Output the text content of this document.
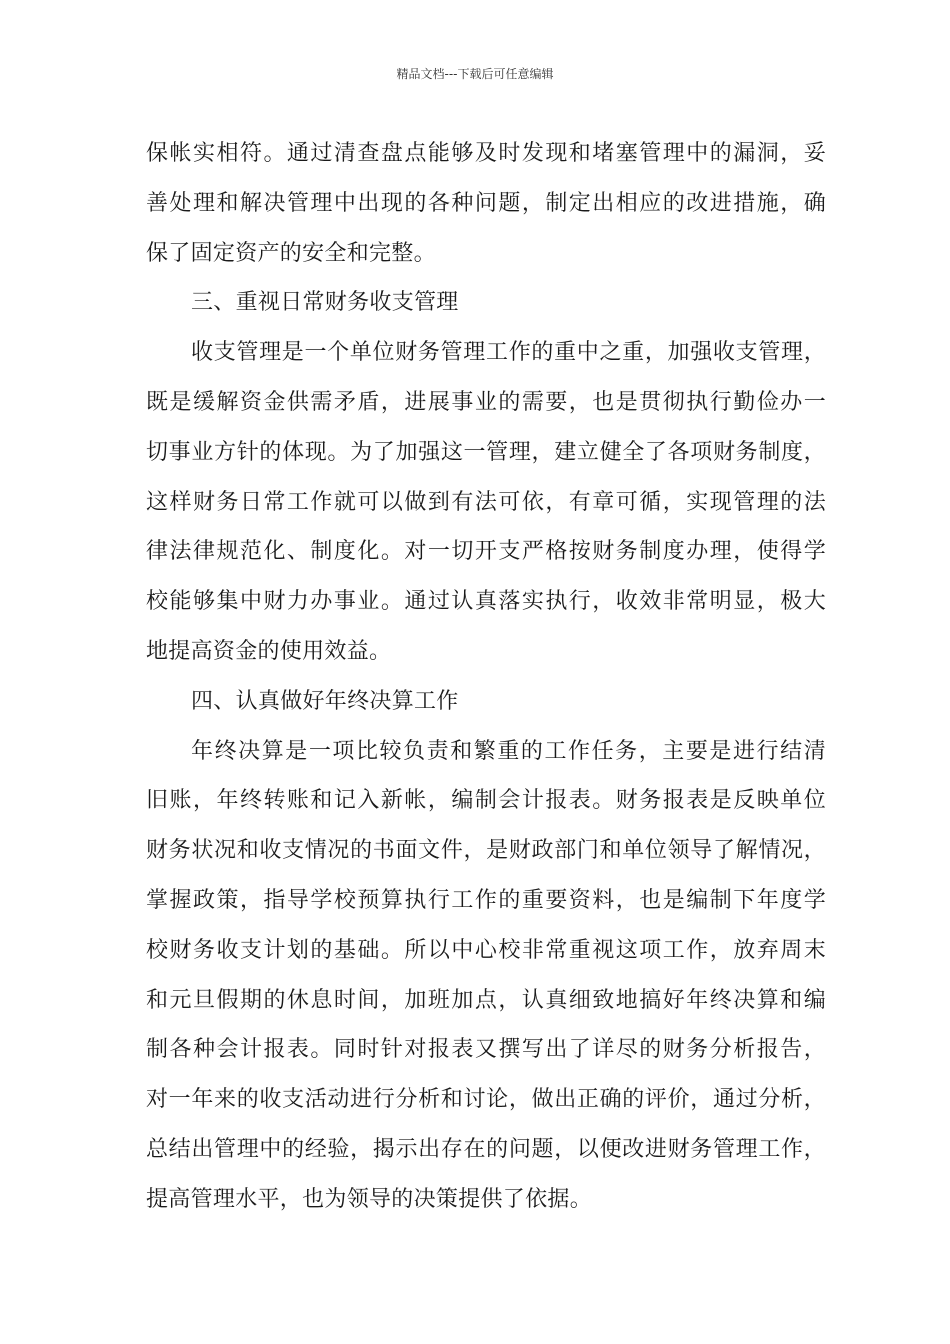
精品文档---下载后可任意编辑
保帐实相符。通过清查盘点能够及时发现和堵塞管理中的漏洞，妥
善处理和解决管理中出现的各种问题，制定出相应的改进措施，确
保了固定资产的安全和完整。
三、重视日常财务收支管理
收支管理是一个单位财务管理工作的重中之重，加强收支管理，
既是缓解资金供需矛盾，进展事业的需要，也是贯彻执行勤俭办一
切事业方针的体现。为了加强这一管理，建立健全了各项财务制度，
这样财务日常工作就可以做到有法可依，有章可循，实现管理的法
律法律规范化、制度化。对一切开支严格按财务制度办理，使得学
校能够集中财力办事业。通过认真落实执行，收效非常明显，极大
地提高资金的使用效益。
四、认真做好年终决算工作
年终决算是一项比较负责和繁重的工作任务，主要是进行结清
旧账，年终转账和记入新帐，编制会计报表。财务报表是反映单位
财务状况和收支情况的书面文件，是财政部门和单位领导了解情况，
掌握政策，指导学校预算执行工作的重要资料，也是编制下年度学
校财务收支计划的基础。所以中心校非常重视这项工作，放弃周末
和元旦假期的休息时间，加班加点，认真细致地搞好年终决算和编
制各种会计报表。同时针对报表又撰写出了详尽的财务分析报告，
对一年来的收支活动进行分析和讨论，做出正确的评价，通过分析，
总结出管理中的经验，揭示出存在的问题，以便改进财务管理工作，
提高管理水平，也为领导的决策提供了依据。
